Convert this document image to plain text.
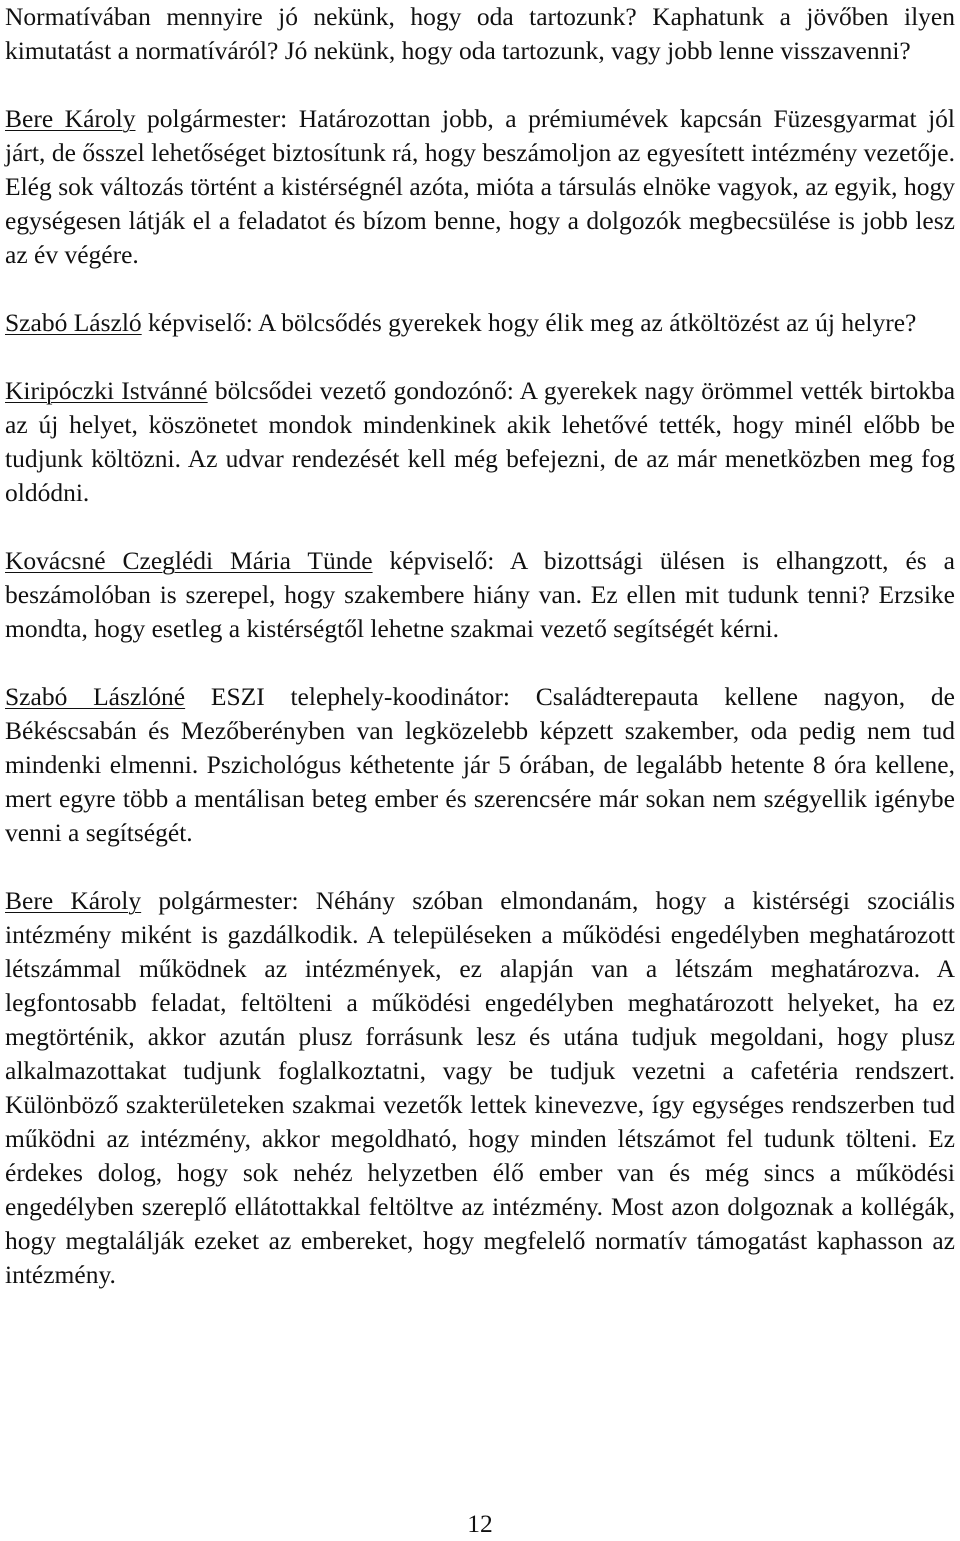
Normatívában mennyire jó nekünk, hogy oda tartozunk? Kaphatunk a jövőben ilyen kimutatást a normatíváról? Jó nekünk, hogy oda tartozunk, vagy jobb lenne visszavenni?

Bere Károly polgármester: Határozottan jobb, a prémiumévek kapcsán Füzesgyarmat jól járt, de ősszel lehetőséget biztosítunk rá, hogy beszámoljon az egyesített intézmény vezetője. Elég sok változás történt a kistérségnél azóta, mióta a társulás elnöke vagyok, az egyik, hogy egységesen látják el a feladatot és bízom benne, hogy a dolgozók megbecsülése is jobb lesz az év végére.

Szabó László képviselő: A bölcsődés gyerekek hogy élik meg az átköltözést az új helyre?

Kiripóczki Istvánné bölcsődei vezető gondozónő: A gyerekek nagy örömmel vették birtokba az új helyet, köszönetet mondok mindenkinek akik lehetővé tették, hogy minél előbb be tudjunk költözni. Az udvar rendezését kell még befejezni, de az már menetközben meg fog oldódni.

Kovácsné Czeglédi Mária Tünde képviselő: A bizottsági ülésen is elhangzott, és a beszámolóban is szerepel, hogy szakembere hiány van. Ez ellen mit tudunk tenni? Erzsike mondta, hogy esetleg a kistérségtől lehetne szakmai vezető segítségét kérni.

Szabó Lászlóné ESZI telephely-koodinátor: Családterepauta kellene nagyon, de Békéscsabán és Mezőberényben van legközelebb képzett szakember, oda pedig nem tud mindenki elmenni. Pszichológus kéthetente jár 5 órában, de legalább hetente 8 óra kellene, mert egyre több a mentálisan beteg ember és szerencsére már sokan nem szégyellik igénybe venni a segítségét.

Bere Károly polgármester: Néhány szóban elmondanám, hogy a kistérségi szociális intézmény miként is gazdálkodik. A településeken a működési engedélyben meghatározott létszámmal működnek az intézmények, ez alapján van a létszám meghatározva. A legfontosabb feladat, feltölteni a működési engedélyben meghatározott helyeket, ha ez megtörténik, akkor azután plusz forrásunk lesz és utána tudjuk megoldani, hogy plusz alkalmazottakat tudjunk foglalkoztatni, vagy be tudjuk vezetni a cafetéria rendszert. Különböző szakterületeken szakmai vezetők lettek kinevezve, így egységes rendszerben tud működni az intézmény, akkor megoldható, hogy minden létszámot fel tudunk tölteni. Ez érdekes dolog, hogy sok nehéz helyzetben élő ember van és még sincs a működési engedélyben szereplő ellátottakkal feltöltve az intézmény. Most azon dolgoznak a kollégák, hogy megtalálják ezeket az embereket, hogy megfelelő normatív támogatást kaphasson az intézmény.

12
